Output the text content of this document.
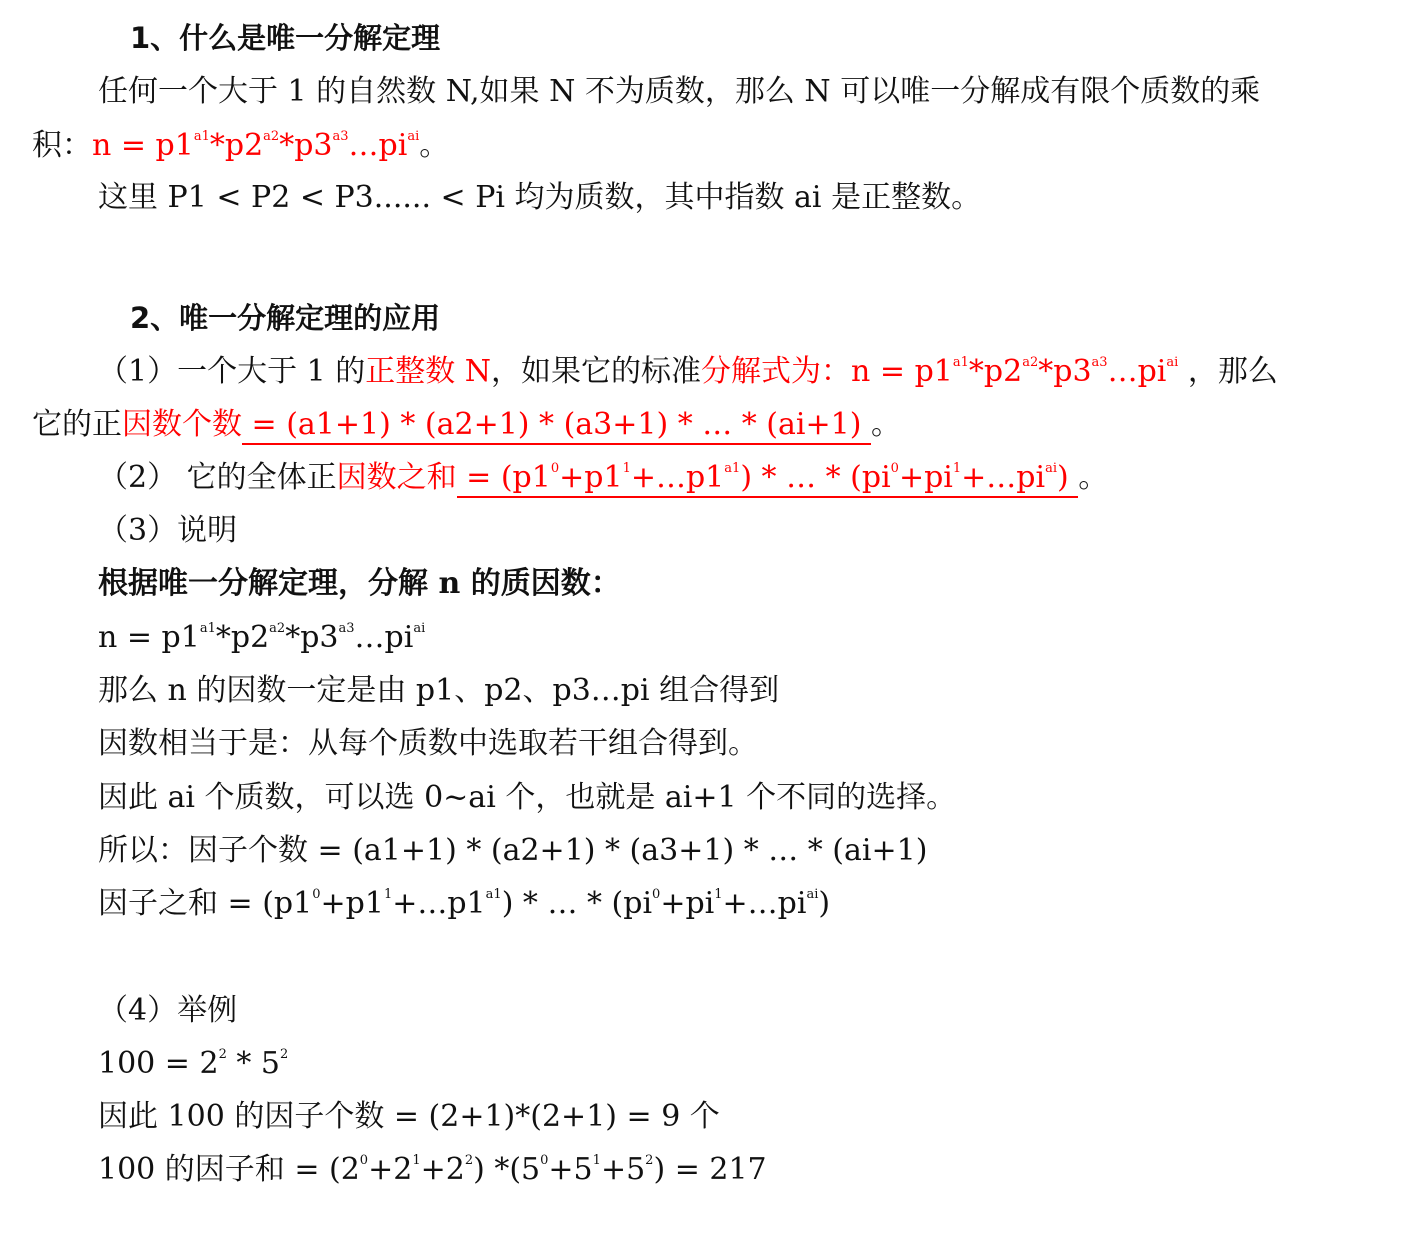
1、什么是唯一分解定理
任何一个大于 1 的自然数 N,如果 N 不为质数，那么 N 可以唯一分解成有限个质数的乘
积：$n = p1^{a1}*p2^{a2}*p3^{a3}\dots pi^{ai}$。
这里 P1 < P2 < P3...... < Pi 均为质数，其中指数 ai 是正整数。
2、唯一分解定理的应用
（1）一个大于 1 的正整数 N，如果它的标准分解式为：$n = p1^{a1}*p2^{a2}*p3^{a3}\dots pi^{ai}$ ，那么
它的正因数个数 = (a1+1) * (a2+1) * (a3+1) * … * (ai+1) 。
（2） 它的全体正因数之和 = $(p1^0+p1^1+\dots p1^{a1})$ * … * $(pi^0+pi^1+\dots pi^{ai})$ 。
（3）说明
根据唯一分解定理，分解 n 的质因数：
$n = p1^{a1}*p2^{a2}*p3^{a3}\dots pi^{ai}$
那么 n 的因数一定是由 p1、p2、p3…pi 组合得到
因数相当于是：从每个质数中选取若干组合得到。
因此 ai 个质数，可以选 0~ai 个，也就是 ai+1 个不同的选择。
所以：因子个数 = (a1+1) * (a2+1) * (a3+1) * … * (ai+1)
因子之和 = $(p1^0+p1^1+\dots p1^{a1})$ * … * $(pi^0+pi^1+\dots pi^{ai})$
（4）举例
$100 = 2^2 * 5^2$
因此 100 的因子个数 = (2+1)*(2+1) = 9 个
100 的因子和 = $(2^0+2^1+2^2) *(5^0+5^1+5^2) = 217$
